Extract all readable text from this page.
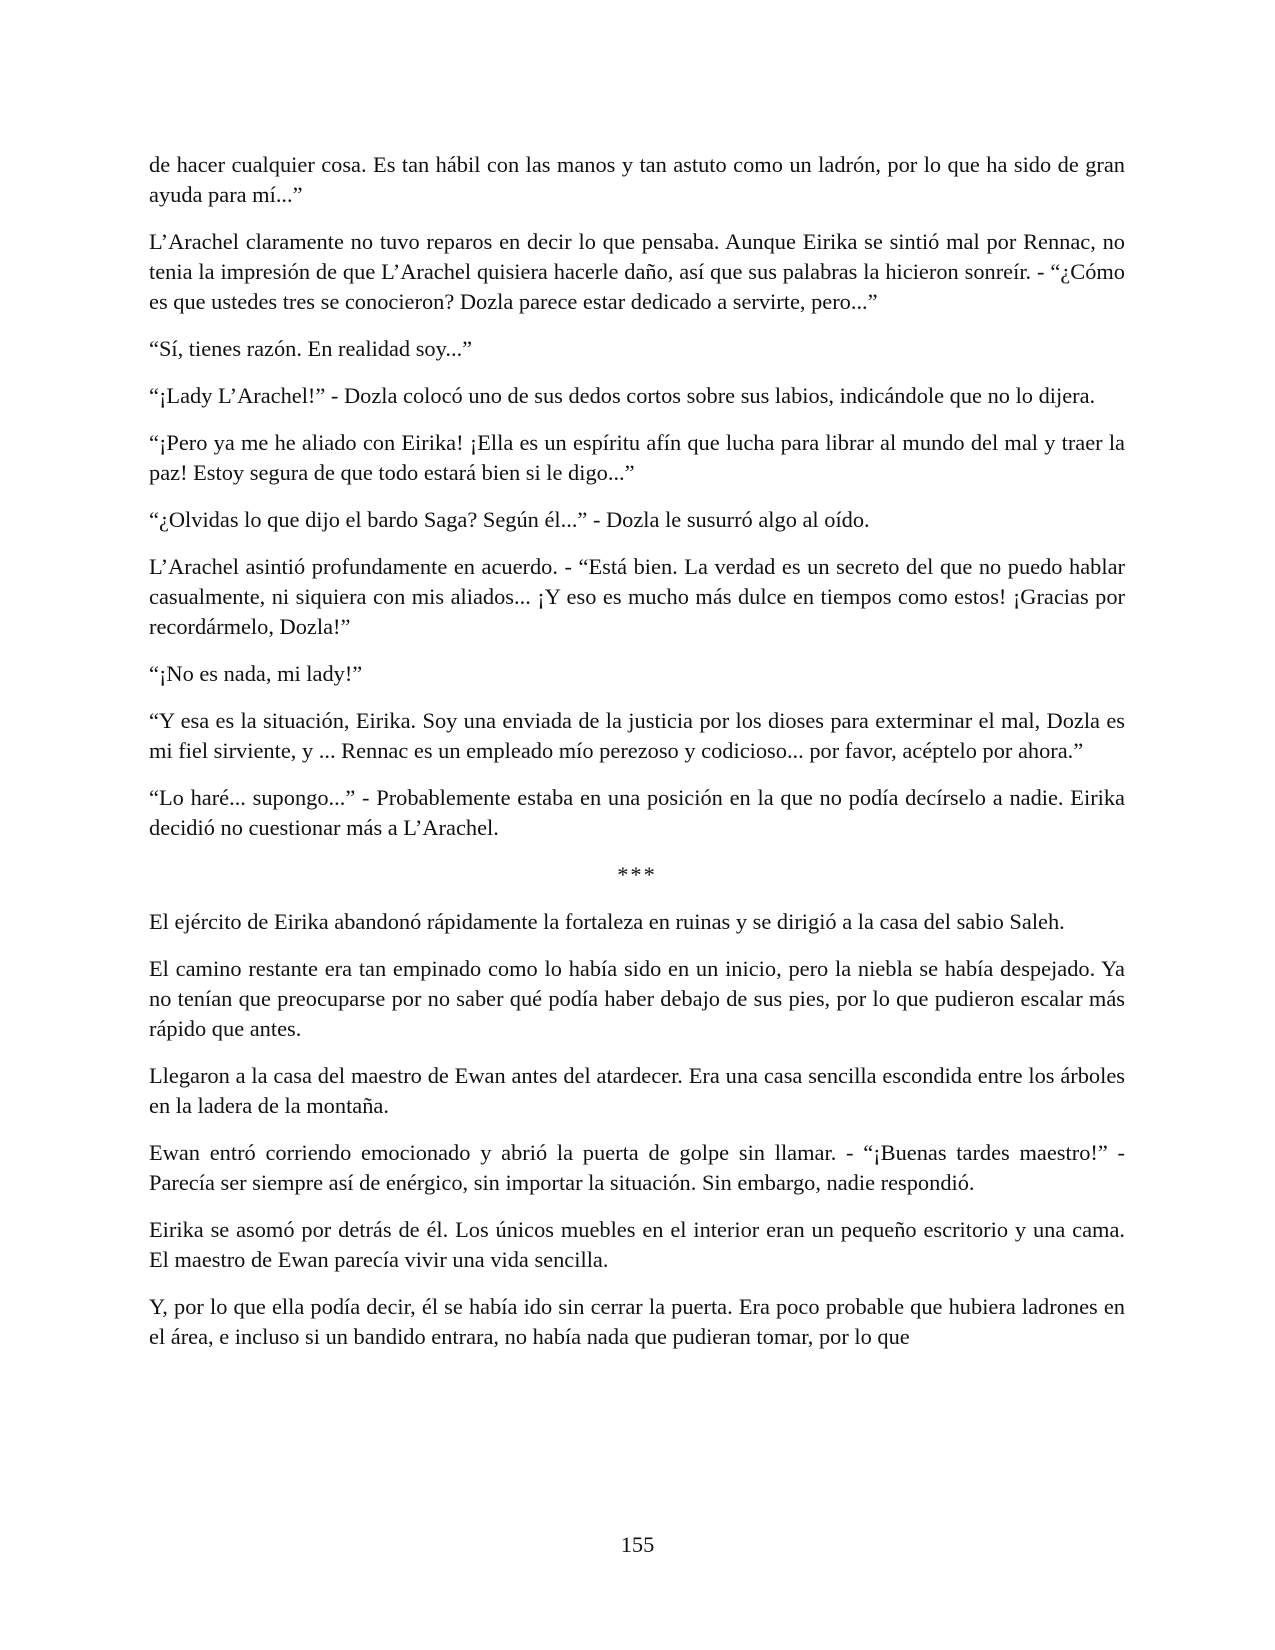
de hacer cualquier cosa. Es tan hábil con las manos y tan astuto como un ladrón, por lo que ha sido de gran ayuda para mí...”

L’Arachel claramente no tuvo reparos en decir lo que pensaba. Aunque Eirika se sintió mal por Rennac, no tenia la impresión de que L’Arachel quisiera hacerle daño, así que sus palabras la hicieron sonreír. - “¿Cómo es que ustedes tres se conocieron? Dozla parece estar dedicado a servirte, pero...”

“Sí, tienes razón. En realidad soy...”

“¡Lady L’Arachel!” - Dozla colocó uno de sus dedos cortos sobre sus labios, indicándole que no lo dijera.

“¡Pero ya me he aliado con Eirika! ¡Ella es un espíritu afín que lucha para librar al mundo del mal y traer la paz! Estoy segura de que todo estará bien si le digo...”

“¿Olvidas lo que dijo el bardo Saga? Según él...” - Dozla le susurró algo al oído.

L’Arachel asintió profundamente en acuerdo. - “Está bien. La verdad es un secreto del que no puedo hablar casualmente, ni siquiera con mis aliados... ¡Y eso es mucho más dulce en tiempos como estos! ¡Gracias por recordármelo, Dozla!”

“¡No es nada, mi lady!”

“Y esa es la situación, Eirika. Soy una enviada de la justicia por los dioses para exterminar el mal, Dozla es mi fiel sirviente, y ... Rennac es un empleado mío perezoso y codicioso... por favor, acéptelo por ahora.”

“Lo haré... supongo...” - Probablemente estaba en una posición en la que no podía decírselo a nadie. Eirika decidió no cuestionar más a L’Arachel.

***

El ejército de Eirika abandonó rápidamente la fortaleza en ruinas y se dirigió a la casa del sabio Saleh.

El camino restante era tan empinado como lo había sido en un inicio, pero la niebla se había despejado. Ya no tenían que preocuparse por no saber qué podía haber debajo de sus pies, por lo que pudieron escalar más rápido que antes.

Llegaron a la casa del maestro de Ewan antes del atardecer. Era una casa sencilla escondida entre los árboles en la ladera de la montaña.

Ewan entró corriendo emocionado y abrió la puerta de golpe sin llamar. - “¡Buenas tardes maestro!” - Parecía ser siempre así de enérgico, sin importar la situación. Sin embargo, nadie respondió.

Eirika se asomó por detrás de él. Los únicos muebles en el interior eran un pequeño escritorio y una cama. El maestro de Ewan parecía vivir una vida sencilla.

Y, por lo que ella podía decir, él se había ido sin cerrar la puerta. Era poco probable que hubiera ladrones en el área, e incluso si un bandido entrara, no había nada que pudieran tomar, por lo que

155
